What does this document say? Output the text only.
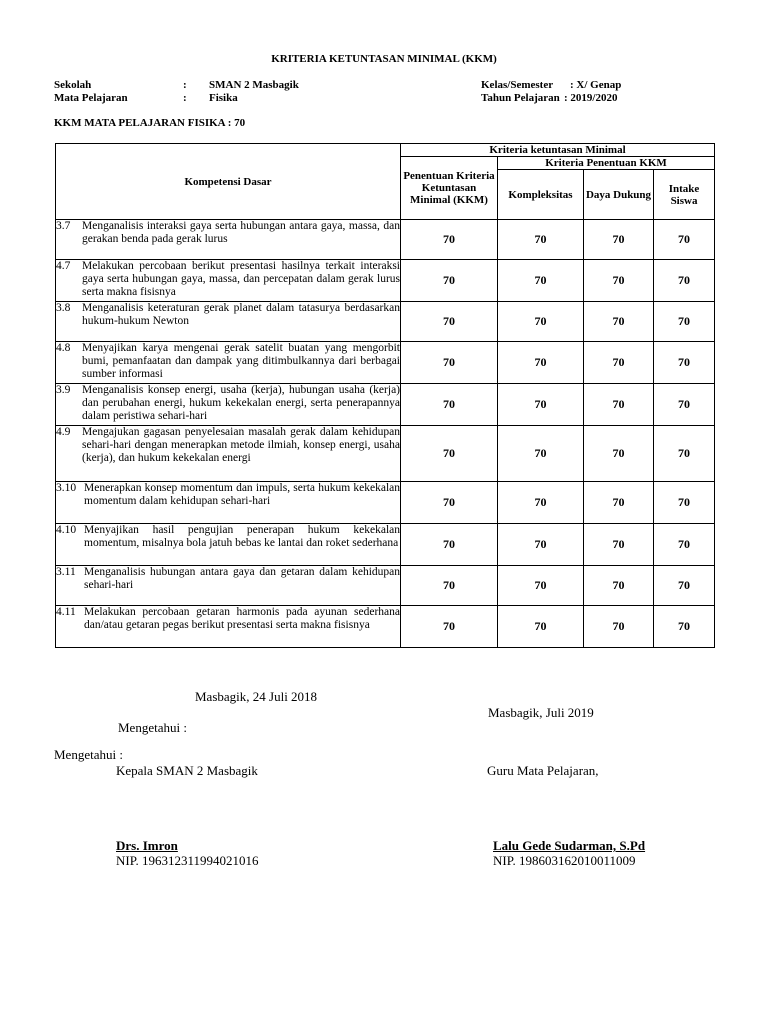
KRITERIA KETUNTASAN MINIMAL (KKM)
Sekolah	: SMAN 2 Masbagik
Mata Pelajaran	: Fisika
Kelas/Semester : X/ Genap
Tahun Pelajaran : 2019/2020
KKM MATA PELAJARAN FISIKA : 70
Kompetensi Dasar	Kriteria ketuntasan Minimal			
	Penentuan Kriteria Ketuntasan Minimal (KKM)	Kriteria Penentuan KKM		
		Kompleksitas	Daya Dukung	Intake Siswa

3.7 Menganalisis interaksi gaya serta hubungan antara gaya, massa, dan gerakan benda pada gerak lurus	70	70	70	70

4.7 Melakukan percobaan berikut presentasi hasilnya terkait interaksi gaya serta hubungan gaya, massa, dan percepatan dalam gerak lurus serta makna fisisnya	70	70	70	70

3.8 Menganalisis keteraturan gerak planet dalam tatasurya berdasarkan hukum-hukum Newton	70	70	70	70

4.8 Menyajikan karya mengenai gerak satelit buatan yang mengorbit bumi, pemanfaatan dan dampak yang ditimbulkannya dari berbagai sumber informasi	70	70	70	70

3.9 Menganalisis konsep energi, usaha (kerja), hubungan usaha (kerja) dan perubahan energi, hukum kekekalan energi, serta penerapannya dalam peristiwa sehari-hari	70	70	70	70

4.9 Mengajukan gagasan penyelesaian masalah gerak dalam kehidupan sehari-hari dengan menerapkan metode ilmiah, konsep energi, usaha (kerja), dan hukum kekekalan energi	70	70	70	70

3.10 Menerapkan konsep momentum dan impuls, serta hukum kekekalan momentum dalam kehidupan sehari-hari	70	70	70	70

4.10 Menyajikan hasil pengujian penerapan hukum kekekalan momentum, misalnya bola jatuh bebas ke lantai dan roket sederhana	70	70	70	70

3.11 Menganalisis hubungan antara gaya dan getaran dalam kehidupan sehari-hari	70	70	70	70

4.11 Melakukan percobaan getaran harmonis pada ayunan sederhana dan/atau getaran pegas berikut presentasi serta makna fisisnya	70	70	70	70
Masbagik, 24 Juli 2018
Masbagik, Juli 2019
Mengetahui :
Mengetahui :
Kepala SMAN 2 Masbagik	Guru Mata Pelajaran,
Drs. Imron
NIP. 196312311994021016
Lalu Gede Sudarman, S.Pd
NIP. 198603162010011009
